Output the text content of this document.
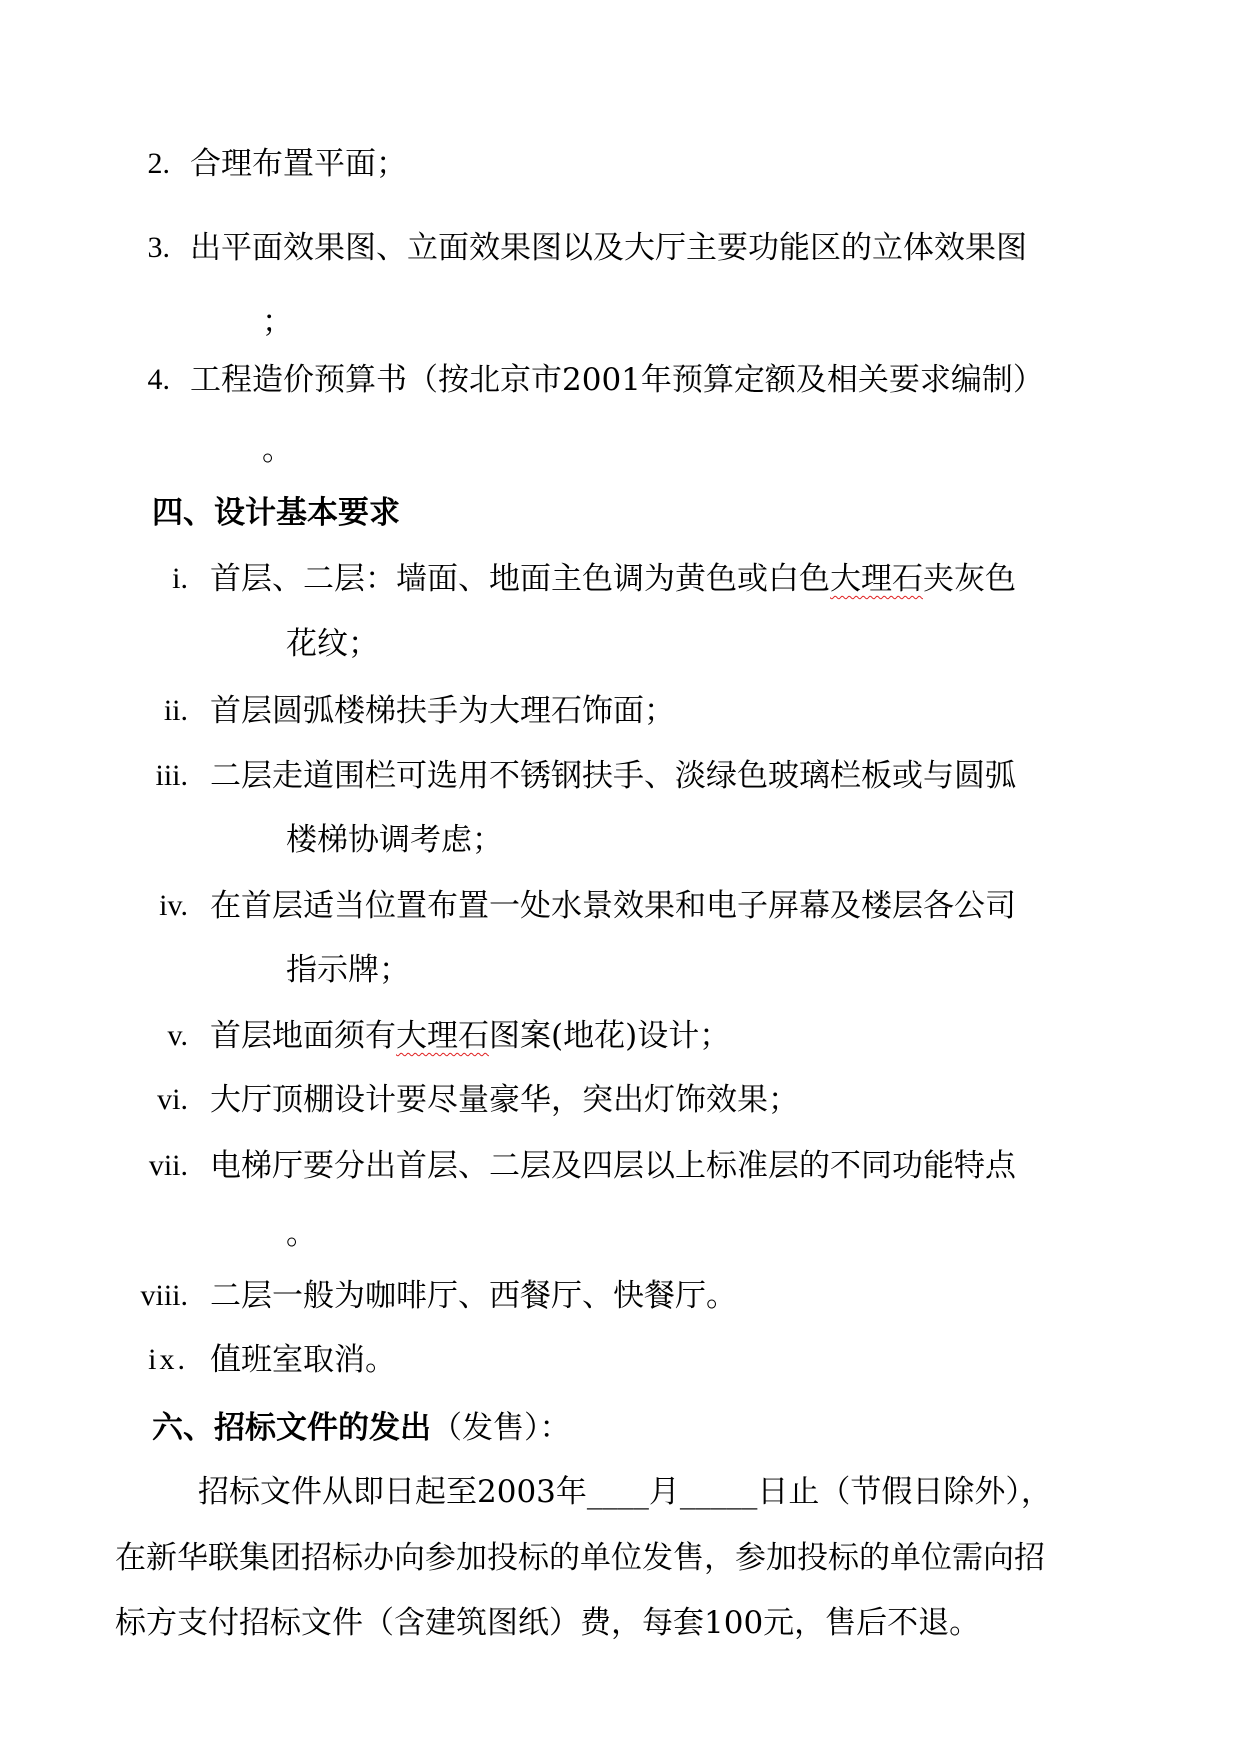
2. 合理布置平面；
3. 出平面效果图、立面效果图以及大厅主要功能区的立体效果图
；
4. 工程造价预算书（按北京市2001年预算定额及相关要求编制）
。
四、设计基本要求
i. 首层、二层：墙面、地面主色调为黄色或白色大理石夹灰色
花纹；
ii. 首层圆弧楼梯扶手为大理石饰面；
iii. 二层走道围栏可选用不锈钢扶手、淡绿色玻璃栏板或与圆弧
楼梯协调考虑；
iv. 在首层适当位置布置一处水景效果和电子屏幕及楼层各公司
指示牌；
v. 首层地面须有大理石图案(地花)设计；
vi. 大厅顶棚设计要尽量豪华，突出灯饰效果；
vii. 电梯厅要分出首层、二层及四层以上标准层的不同功能特点
。
viii. 二层一般为咖啡厅、西餐厅、快餐厅。
ix. 值班室取消。
六、招标文件的发出（发售）：
招标文件从即日起至2003年____月_____日止（节假日除外），
在新华联集团招标办向参加投标的单位发售，参加投标的单位需向招
标方支付招标文件（含建筑图纸）费，每套100元，售后不退。
